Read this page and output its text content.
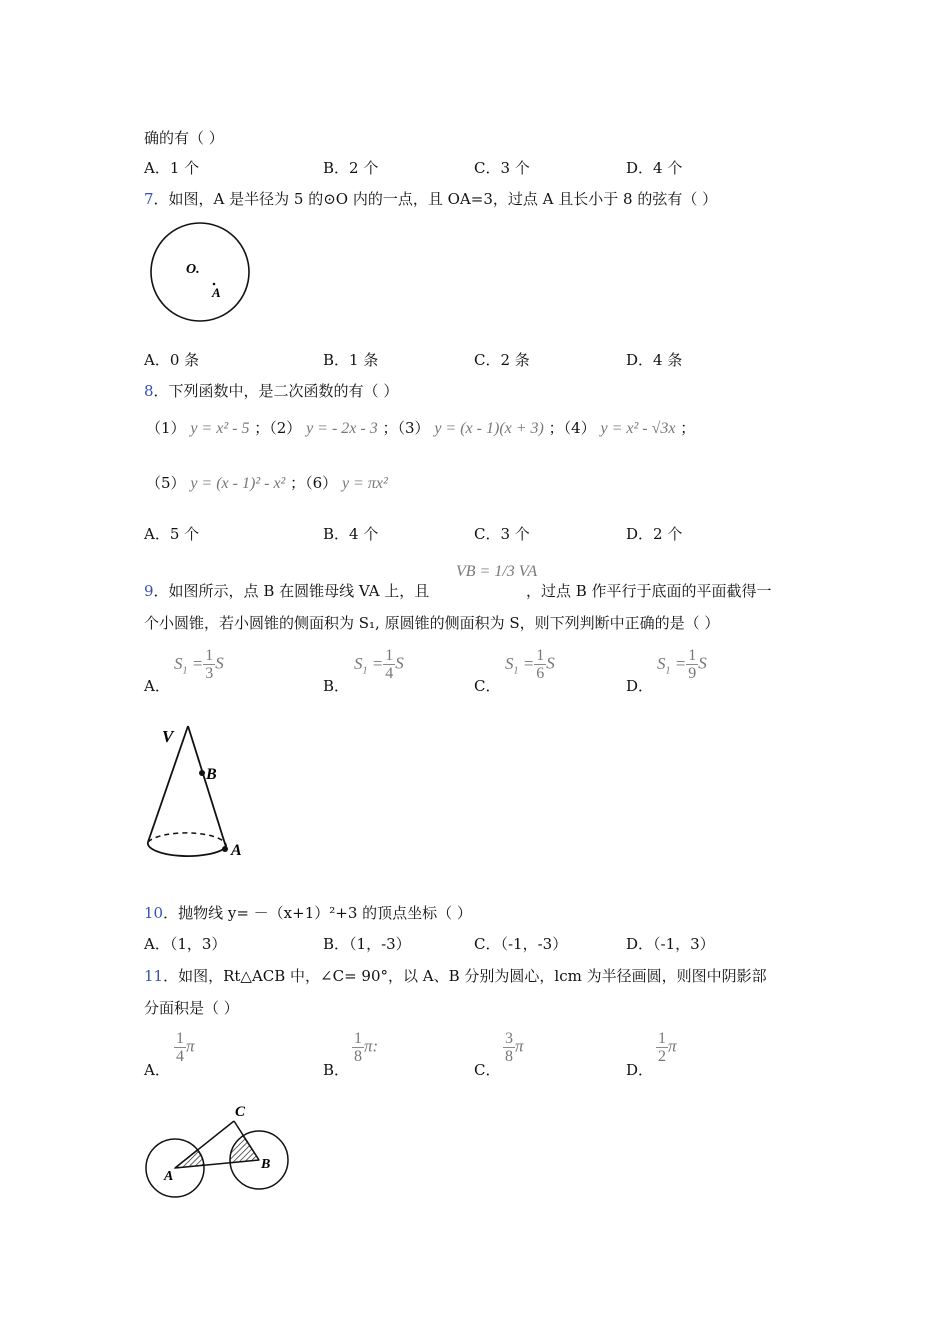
确的有（ ）
A．1 个	B．2 个	C．3 个	D．4 个
7．如图，A 是半径为 5 的⊙O 内的一点，且 OA=3，过点 A 且长小于 8 的弦有（ ）
O.
A
A．0 条	B．1 条	C．2 条	D．4 条
8．下列函数中，是二次函数的有（ ）
（1） y = x² - 5 ；（2） y = - 2x - 3 ；（3） y = (x - 1)(x + 3) ；（4） y = x² - √3x ；
（5） y = (x - 1)² - x² ；（6） y = πx²
A．5 个	B．4 个	C．3 个	D．2 个
9．如图所示，点 B 在圆锥母线 VA 上，且
VB = 1/3 VA
，过点 B 作平行于底面的平面截得一
个小圆锥，若小圆锥的侧面积为 S₁, 原圆锥的侧面积为 S，则下列判断中正确的是（ ）
A．
$S_1 = \frac{1}{3}$ S
B．
$S_1 = \frac{1}{4}$ S
C．
$S_1 = \frac{1}{6}$ S
D．
$S_1 = \frac{1}{9}$ S
V
B
A
10．抛物线 y= －（x+1）²+3 的顶点坐标（ ）
A．（1，3）	B．（1，-3）	C．（-1，-3）	D．（-1，3）
11．如图，Rt△ACB 中，∠C= 90°，以 A、B 分别为圆心，lcm 为半径画圆，则图中阴影部
分面积是（ ）
A．
$\frac{1}{4}$ π
B．
$\frac{1}{8} \pi$:
C．
$\frac{3}{8}$ π
D．
$\frac{1}{2}$ π
C
A
B
